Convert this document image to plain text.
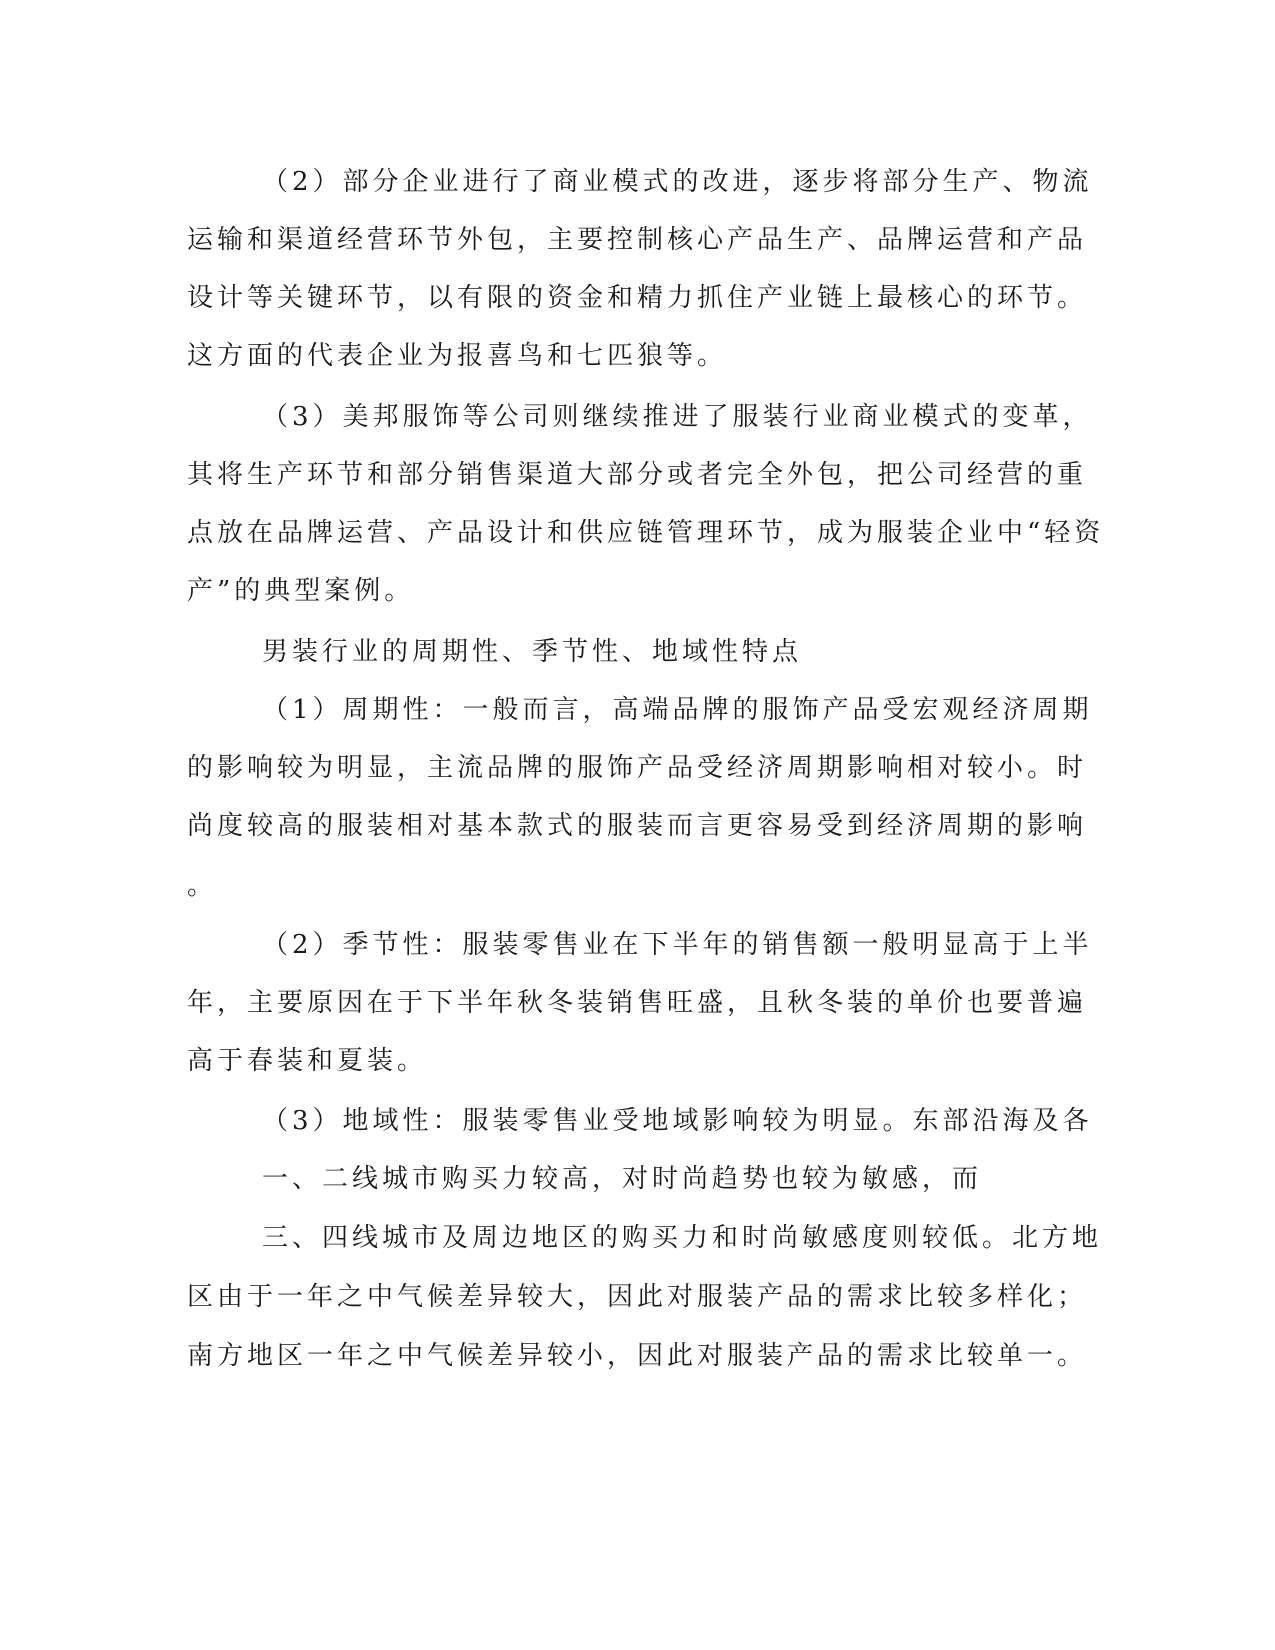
（2）部分企业进行了商业模式的改进，逐步将部分生产、物流
运输和渠道经营环节外包，主要控制核心产品生产、品牌运营和产品
设计等关键环节，以有限的资金和精力抓住产业链上最核心的环节。
这方面的代表企业为报喜鸟和七匹狼等。
（3）美邦服饰等公司则继续推进了服装行业商业模式的变革，
其将生产环节和部分销售渠道大部分或者完全外包，把公司经营的重
点放在品牌运营、产品设计和供应链管理环节，成为服装企业中“轻资
产”的典型案例。
男装行业的周期性、季节性、地域性特点
（1）周期性：一般而言，高端品牌的服饰产品受宏观经济周期
的影响较为明显，主流品牌的服饰产品受经济周期影响相对较小。时
尚度较高的服装相对基本款式的服装而言更容易受到经济周期的影响
。
（2）季节性：服装零售业在下半年的销售额一般明显高于上半
年，主要原因在于下半年秋冬装销售旺盛，且秋冬装的单价也要普遍
高于春装和夏装。
（3）地域性：服装零售业受地域影响较为明显。东部沿海及各
一、二线城市购买力较高，对时尚趋势也较为敏感，而
三、四线城市及周边地区的购买力和时尚敏感度则较低。北方地
区由于一年之中气候差异较大，因此对服装产品的需求比较多样化；
南方地区一年之中气候差异较小，因此对服装产品的需求比较单一。
